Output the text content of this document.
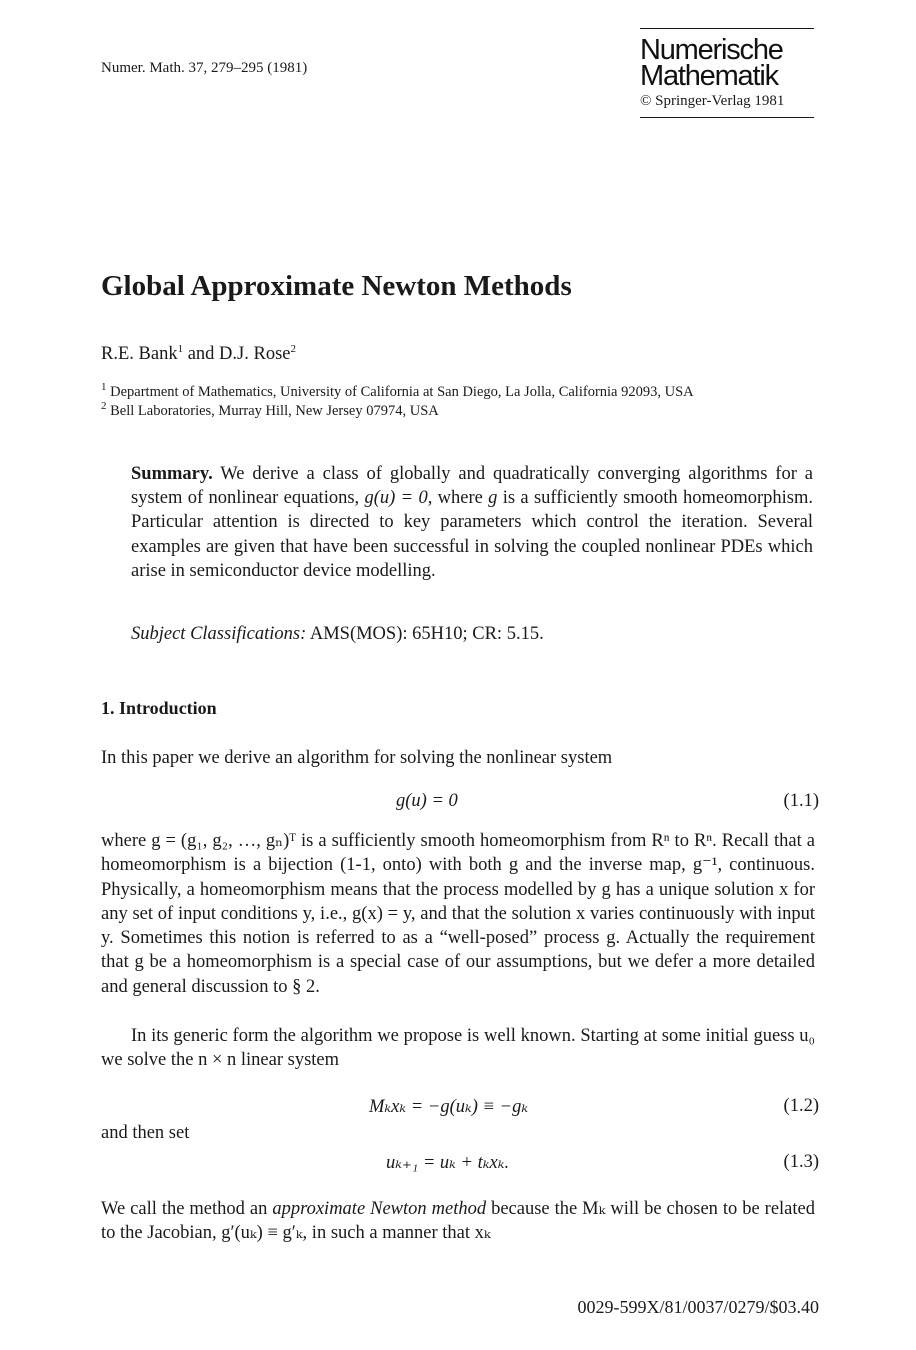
Numer. Math. 37, 279–295 (1981)
Numerische
Mathematik
© Springer-Verlag 1981
Global Approximate Newton Methods
R.E. Bank$^1$ and D.J. Rose$^2$
$^1$ Department of Mathematics, University of California at San Diego, La Jolla, California 92093, USA
$^2$ Bell Laboratories, Murray Hill, New Jersey 07974, USA
Summary. We derive a class of globally and quadratically converging algorithms for a system of nonlinear equations, g(u) = 0, where g is a sufficiently smooth homeomorphism. Particular attention is directed to key parameters which control the iteration. Several examples are given that have been successful in solving the coupled nonlinear PDEs which arise in semiconductor device modelling.
Subject Classifications: AMS(MOS): 65H10; CR: 5.15.
1. Introduction
In this paper we derive an algorithm for solving the nonlinear system
g(u) = 0	(1.1)
where g = (g₁, g₂, …, gₙ)ᵀ is a sufficiently smooth homeomorphism from Rⁿ to Rⁿ. Recall that a homeomorphism is a bijection (1-1, onto) with both g and the inverse map, g⁻¹, continuous. Physically, a homeomorphism means that the process modelled by g has a unique solution x for any set of input conditions y, i.e., g(x) = y, and that the solution x varies continuously with input y. Sometimes this notion is referred to as a “well-posed” process g. Actually the requirement that g be a homeomorphism is a special case of our assumptions, but we defer a more detailed and general discussion to § 2.
In its generic form the algorithm we propose is well known. Starting at some initial guess u₀ we solve the n × n linear system
Mₖxₖ = −g(uₖ) ≡ −gₖ	(1.2)
and then set
uₖ₊₁ = uₖ + tₖxₖ.	(1.3)
We call the method an approximate Newton method because the Mₖ will be chosen to be related to the Jacobian, g′(uₖ) ≡ g′ₖ, in such a manner that xₖ
0029-599X/81/0037/0279/$03.40
